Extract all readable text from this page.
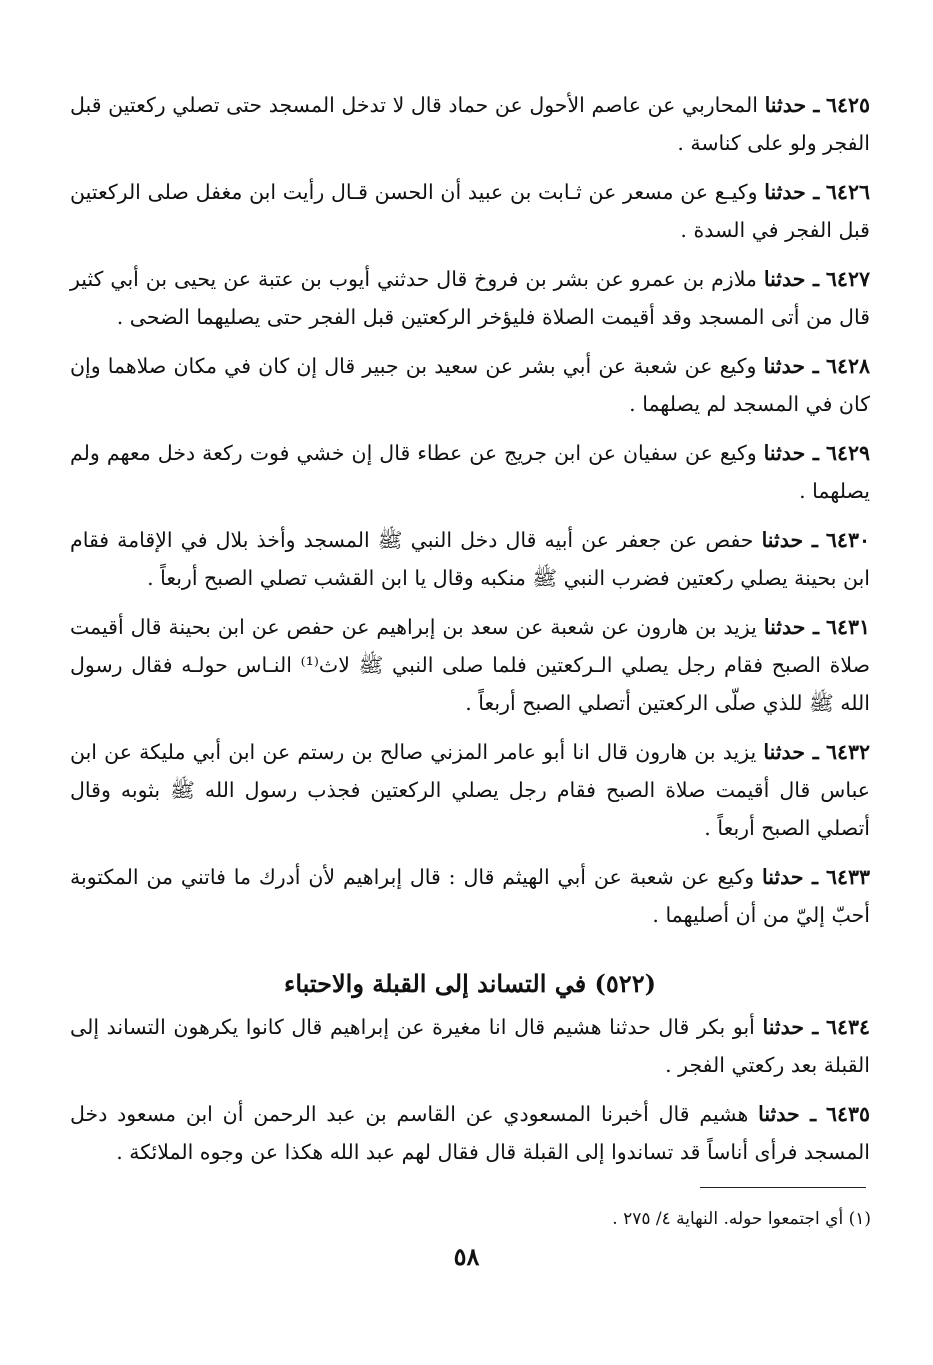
٦٤٢٥ ـ حدثنا المحاربي عن عاصم الأحول عن حماد قال لا تدخل المسجد حتى تصلي ركعتين قبل الفجر ولو على كناسة .

٦٤٢٦ ـ حدثنا وكيـع عن مسعر عن ثـابت بن عبيد أن الحسن قـال رأيت ابن مغفل صلى الركعتين قبل الفجر في السدة .

٦٤٢٧ ـ حدثنا ملازم بن عمرو عن بشر بن فروخ قال حدثني أيوب بن عتبة عن يحيى بن أبي كثير قال من أتى المسجد وقد أقيمت الصلاة فليؤخر الركعتين قبل الفجر حتى يصليهما الضحى .

٦٤٢٨ ـ حدثنا وكيع عن شعبة عن أبي بشر عن سعيد بن جبير قال إن كان في مكان صلاهما وإن كان في المسجد لم يصلهما .

٦٤٢٩ ـ حدثنا وكيع عن سفيان عن ابن جريج عن عطاء قال إن خشي فوت ركعة دخل معهم ولم يصلهما .

٦٤٣٠ ـ حدثنا حفص عن جعفر عن أبيه قال دخل النبي ﷺ المسجد وأخذ بلال في الإقامة فقام ابن بحينة يصلي ركعتين فضرب النبي ﷺ منكبه وقال يا ابن القشب تصلي الصبح أربعاً .

٦٤٣١ ـ حدثنا يزيد بن هارون عن شعبة عن سعد بن إبراهيم عن حفص عن ابن بحينة قال أقيمت صلاة الصبح فقام رجل يصلي الـركعتين فلما صلى النبي ﷺ لاث⁽¹⁾ النـاس حولـه فقال رسول الله ﷺ للذي صلّى الركعتين أتصلي الصبح أربعاً .

٦٤٣٢ ـ حدثنا يزيد بن هارون قال انا أبو عامر المزني صالح بن رستم عن ابن أبي مليكة عن ابن عباس قال أقيمت صلاة الصبح فقام رجل يصلي الركعتين فجذب رسول الله ﷺ بثوبه وقال أتصلي الصبح أربعاً .

٦٤٣٣ ـ حدثنا وكيع عن شعبة عن أبي الهيثم قال : قال إبراهيم لأن أدرك ما فاتني من المكتوبة أحبّ إليّ من أن أصليهما .

(٥٢٢) في التساند إلى القبلة والاحتباء

٦٤٣٤ ـ حدثنا أبو بكر قال حدثنا هشيم قال انا مغيرة عن إبراهيم قال كانوا يكرهون التساند إلى القبلة بعد ركعتي الفجر .

٦٤٣٥ ـ حدثنا هشيم قال أخبرنا المسعودي عن القاسم بن عبد الرحمن أن ابن مسعود دخل المسجد فرأى أناساً قد تساندوا إلى القبلة قال فقال لهم عبد الله هكذا عن وجوه الملائكة .

(١) أي اجتمعوا حوله. النهاية ٤/ ٢٧٥ .
٥٨
